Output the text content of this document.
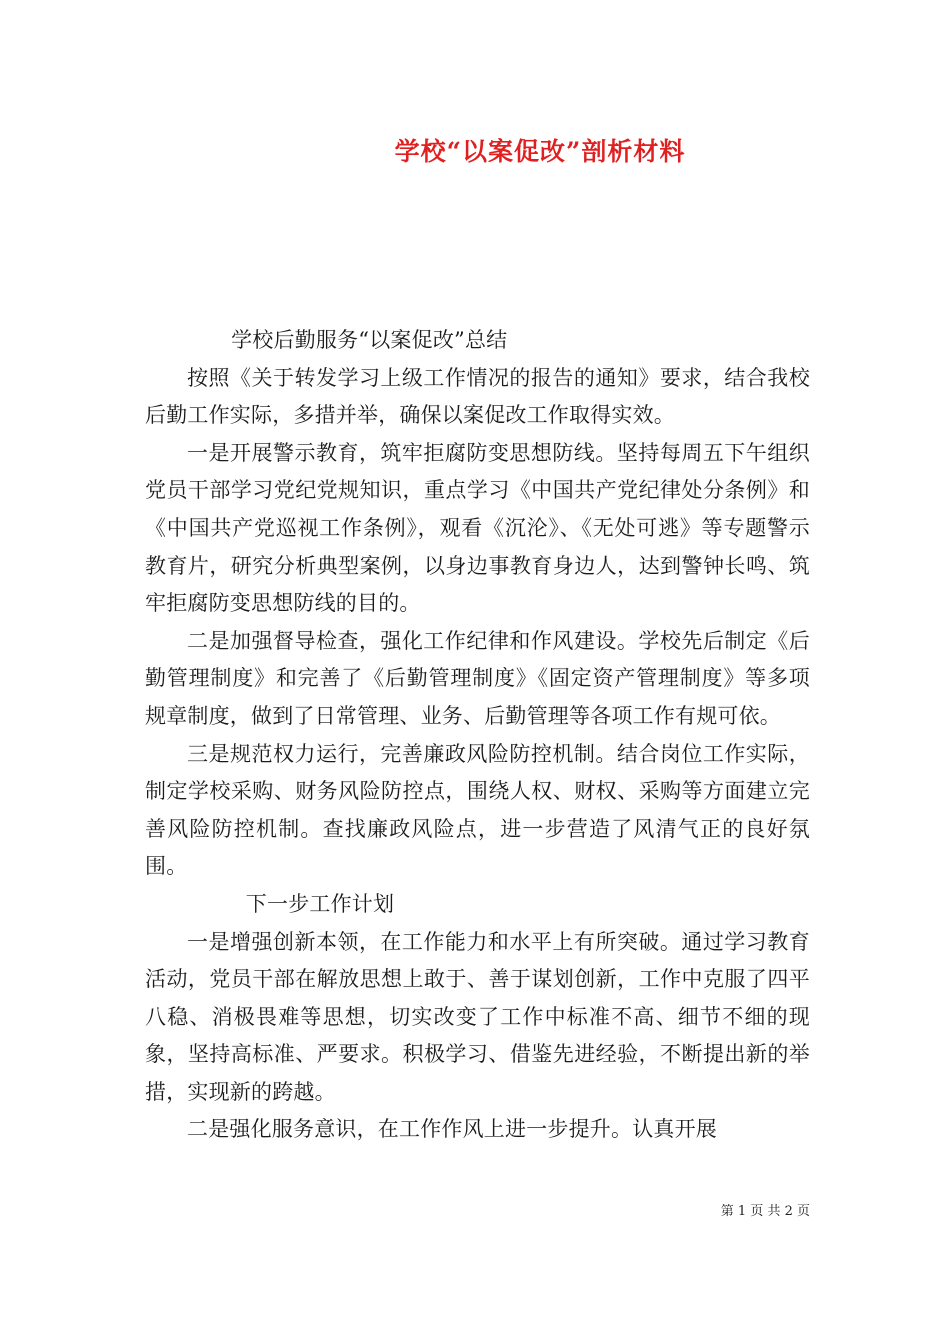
学校“以案促改”剖析材料

学校后勤服务“以案促改”总结

按照《关于转发学习上级工作情况的报告的通知》要求，结合我校后勤工作实际，多措并举，确保以案促改工作取得实效。

一是开展警示教育，筑牢拒腐防变思想防线。坚持每周五下午组织党员干部学习党纪党规知识，重点学习《中国共产党纪律处分条例》和《中国共产党巡视工作条例》，观看《沉沦》、《无处可逃》等专题警示教育片，研究分析典型案例，以身边事教育身边人，达到警钟长鸣、筑牢拒腐防变思想防线的目的。

二是加强督导检查，强化工作纪律和作风建设。学校先后制定《后勤管理制度》和完善了《后勤管理制度》《固定资产管理制度》等多项规章制度，做到了日常管理、业务、后勤管理等各项工作有规可依。

三是规范权力运行，完善廉政风险防控机制。结合岗位工作实际，制定学校采购、财务风险防控点，围绕人权、财权、采购等方面建立完善风险防控机制。查找廉政风险点，进一步营造了风清气正的良好氛围。

下一步工作计划

一是增强创新本领，在工作能力和水平上有所突破。通过学习教育活动，党员干部在解放思想上敢于、善于谋划创新，工作中克服了四平八稳、消极畏难等思想，切实改变了工作中标准不高、细节不细的现象，坚持高标准、严要求。积极学习、借鉴先进经验，不断提出新的举措，实现新的跨越。

二是强化服务意识，在工作作风上进一步提升。认真开展

第 1 页 共 2 页
